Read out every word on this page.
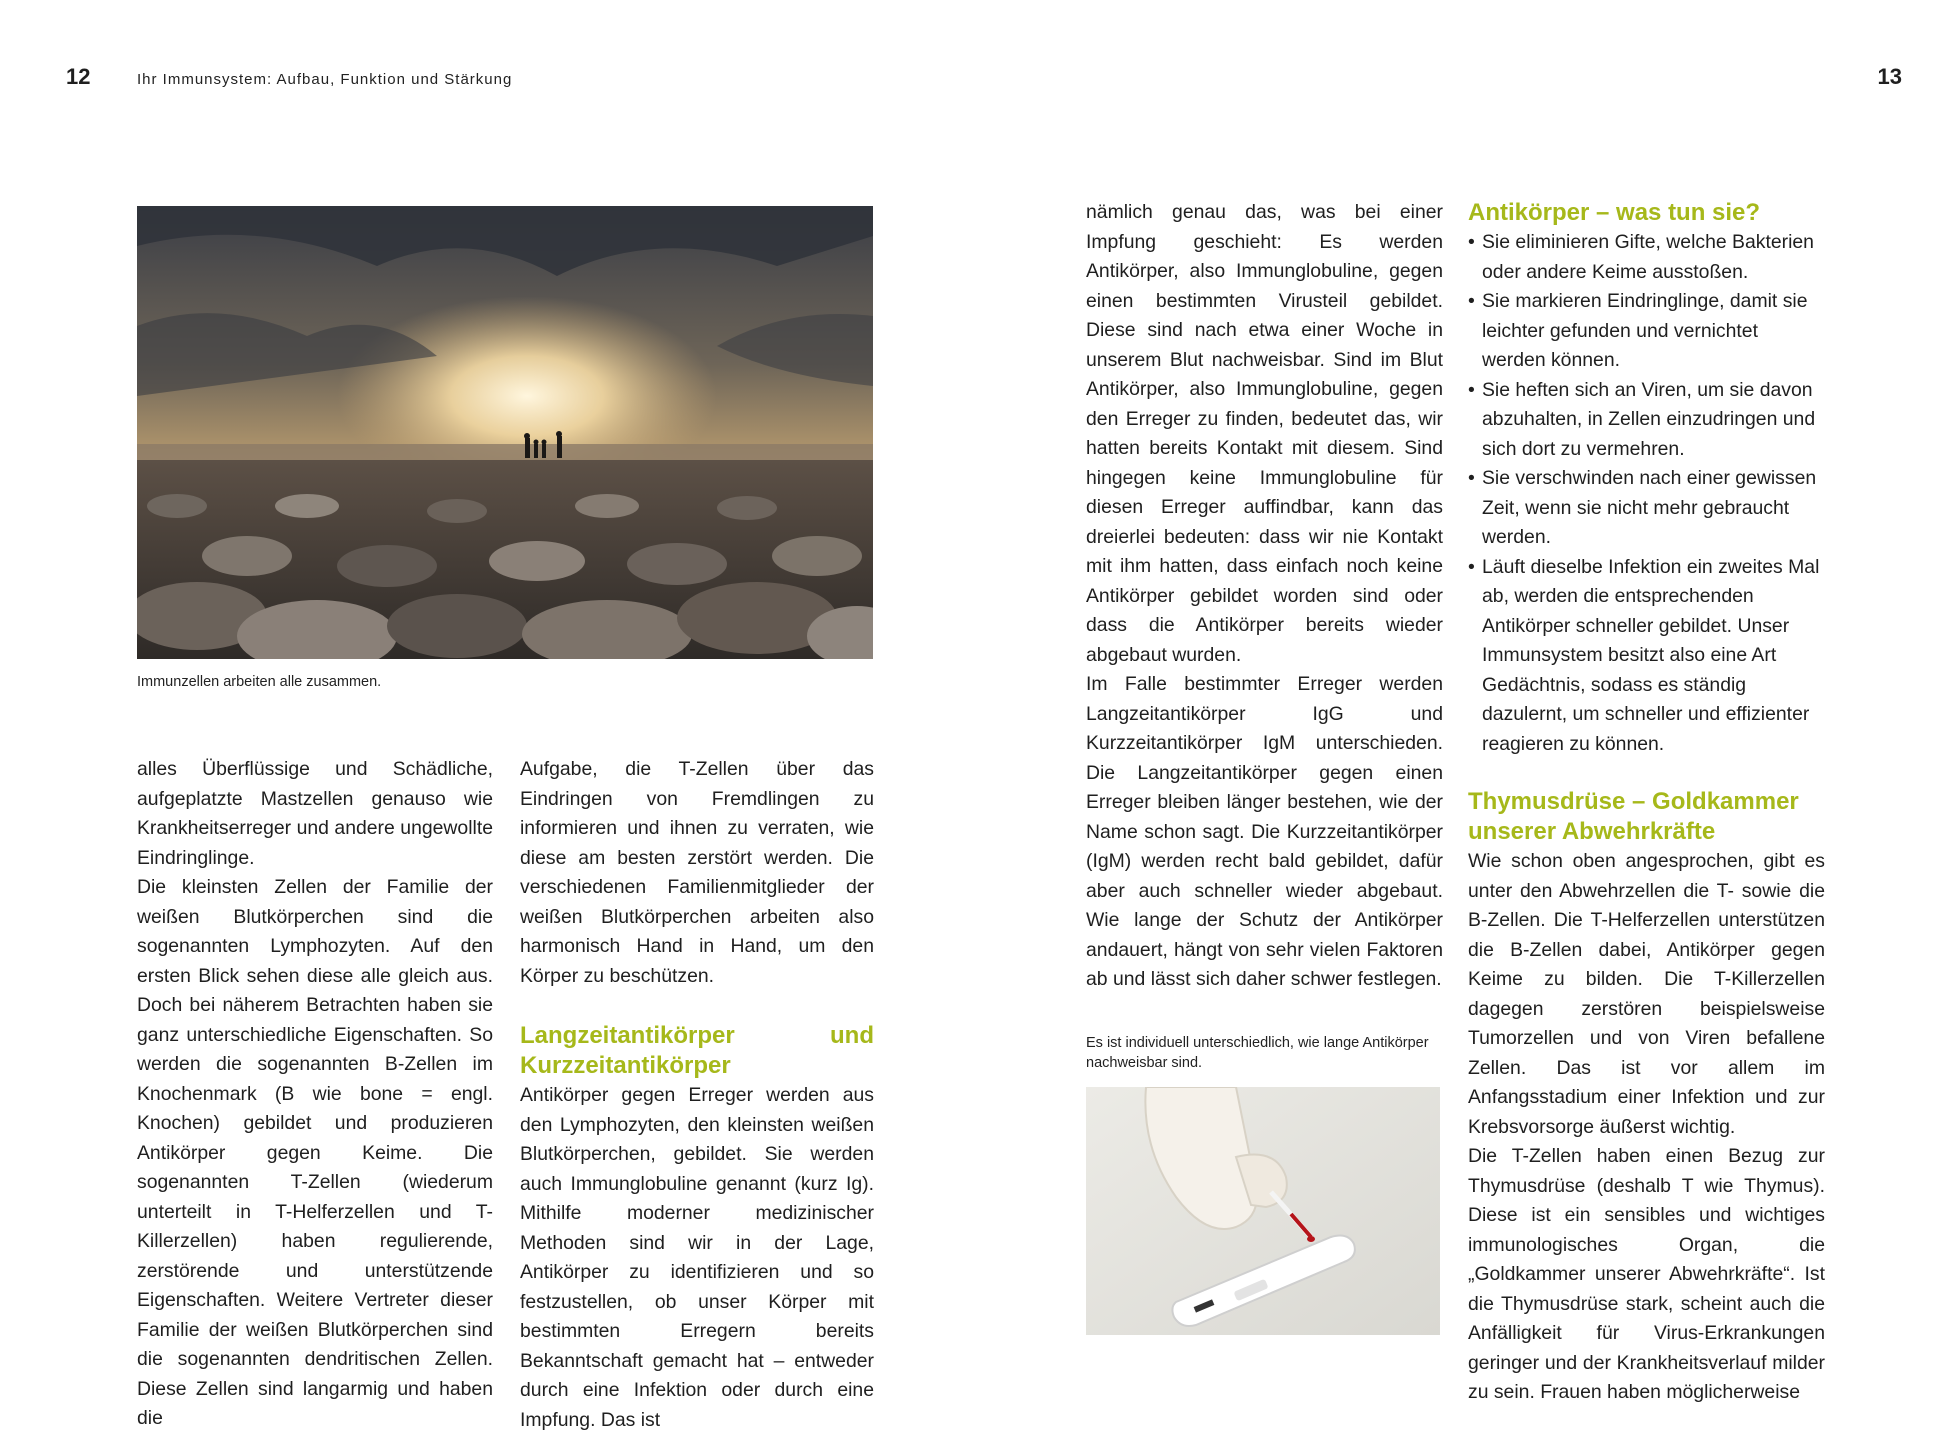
12	Ihr Immunsystem: Aufbau, Funktion und Stärkung	13
Immunzellen arbeiten alle zusammen.

alles Überflüssige und Schädliche, aufgeplatzte Mastzellen genauso wie Krankheitserreger und andere ungewollte Eindringlinge.

Die kleinsten Zellen der Familie der weißen Blutkörperchen sind die sogenannten Lymphozyten. Auf den ersten Blick sehen diese alle gleich aus. Doch bei näherem Betrachten haben sie ganz unterschiedliche Eigenschaften. So werden die sogenannten B-Zellen im Knochenmark (B wie bone = engl. Knochen) gebildet und produzieren Antikörper gegen Keime. Die sogenannten T-Zellen (wiederum unterteilt in T-Helferzellen und T-Killerzellen) haben regulierende, zerstörende und unterstützende Eigenschaften. Weitere Vertreter dieser Familie der weißen Blutkörperchen sind die sogenannten dendritischen Zellen. Diese Zellen sind langarmig und haben die

Aufgabe, die T-Zellen über das Eindringen von Fremdlingen zu informieren und ihnen zu verraten, wie diese am besten zerstört werden. Die verschiedenen Familienmitglieder der weißen Blutkörperchen arbeiten also harmonisch Hand in Hand, um den Körper zu beschützen.

Langzeitantikörper und Kurzzeitantikörper

Antikörper gegen Erreger werden aus den Lymphozyten, den kleinsten weißen Blutkörperchen, gebildet. Sie werden auch Immunglobuline genannt (kurz Ig). Mithilfe moderner medizinischer Methoden sind wir in der Lage, Antikörper zu identifizieren und so festzustellen, ob unser Körper mit bestimmten Erregern bereits Bekanntschaft gemacht hat – entweder durch eine Infektion oder durch eine Impfung. Das ist

nämlich genau das, was bei einer Impfung geschieht: Es werden Antikörper, also Immunglobuline, gegen einen bestimmten Virusteil gebildet. Diese sind nach etwa einer Woche in unserem Blut nachweisbar. Sind im Blut Antikörper, also Immunglobuline, gegen den Erreger zu finden, bedeutet das, wir hatten bereits Kontakt mit diesem. Sind hingegen keine Immunglobuline für diesen Erreger auffindbar, kann das dreierlei bedeuten: dass wir nie Kontakt mit ihm hatten, dass einfach noch keine Antikörper gebildet worden sind oder dass die Antikörper bereits wieder abgebaut wurden.

Im Falle bestimmter Erreger werden Langzeitantikörper IgG und Kurzzeitantikörper IgM unterschieden. Die Langzeitantikörper gegen einen Erreger bleiben länger bestehen, wie der Name schon sagt. Die Kurzzeitantikörper (IgM) werden recht bald gebildet, dafür aber auch schneller wieder abgebaut. Wie lange der Schutz der Antikörper andauert, hängt von sehr vielen Faktoren ab und lässt sich daher schwer festlegen.

Es ist individuell unterschiedlich, wie lange Antikörper nachweisbar sind.
Antikörper – was tun sie?
• Sie eliminieren Gifte, welche Bakterien oder andere Keime ausstoßen.
• Sie markieren Eindringlinge, damit sie leichter gefunden und vernichtet werden können.
• Sie heften sich an Viren, um sie davon abzuhalten, in Zellen einzudringen und sich dort zu vermehren.
• Sie verschwinden nach einer gewissen Zeit, wenn sie nicht mehr gebraucht werden.
• Läuft dieselbe Infektion ein zweites Mal ab, werden die entsprechenden Antikörper schneller gebildet. Unser Immunsystem besitzt also eine Art Gedächtnis, sodass es ständig dazulernt, um schneller und effizienter reagieren zu können.
Thymusdrüse – Goldkammer unserer Abwehrkräfte

Wie schon oben angesprochen, gibt es unter den Abwehrzellen die T- sowie die B-Zellen. Die T-Helferzellen unterstützen die B-Zellen dabei, Antikörper gegen Keime zu bilden. Die T-Killerzellen dagegen zerstören beispielsweise Tumorzellen und von Viren befallene Zellen. Das ist vor allem im Anfangsstadium einer Infektion und zur Krebsvorsorge äußerst wichtig.

Die T-Zellen haben einen Bezug zur Thymusdrüse (deshalb T wie Thymus). Diese ist ein sensibles und wichtiges immunologisches Organ, die „Goldkammer unserer Abwehrkräfte“. Ist die Thymusdrüse stark, scheint auch die Anfälligkeit für Virus-Erkrankungen geringer und der Krankheitsverlauf milder zu sein. Frauen haben möglicherweise
